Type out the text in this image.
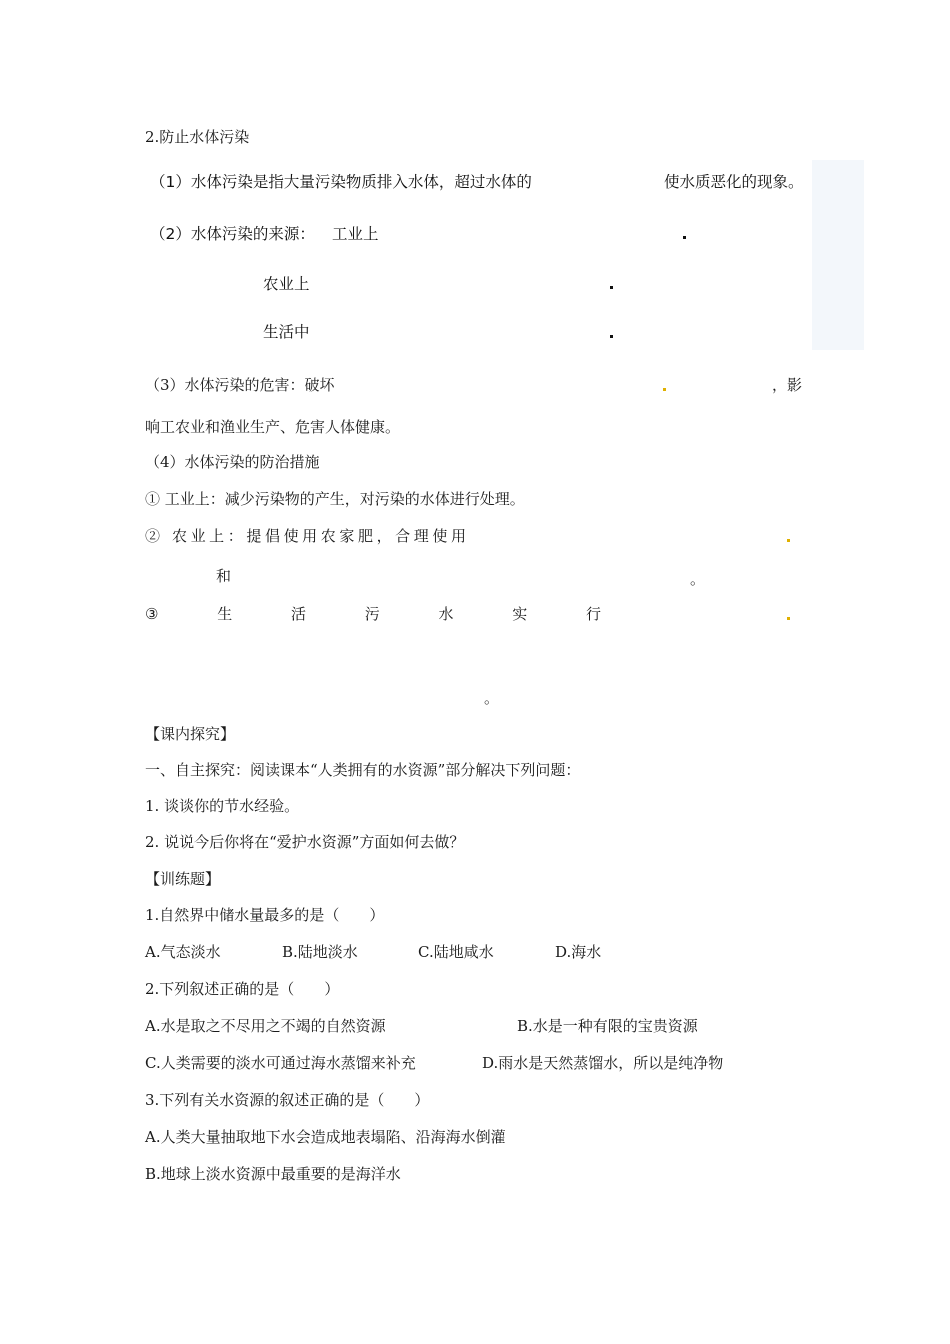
2.防止水体污染
（1）水体污染是指大量污染物质排入水体，超过水体的	使水质恶化的现象。
（2）水体污染的来源： 工业上
农业上
生活中
（3）水体污染的危害：破坏	，影
响工农业和渔业生产、危害人体健康。
（4）水体污染的防治措施
① 工业上：减少污染物的产生，对污染的水体进行处理。
② 农业上：提倡使用农家肥，合理使用
和	。
③	生	活	污	水	实	行
。
【课内探究】
一、自主探究：阅读课本“人类拥有的水资源”部分解决下列问题：
1. 谈谈你的节水经验。
2. 说说今后你将在“爱护水资源”方面如何去做？
【训练题】
1.自然界中储水量最多的是（　　）
A.气态淡水	B.陆地淡水	C.陆地咸水	D.海水
2.下列叙述正确的是（　　）
A.水是取之不尽用之不竭的自然资源	B.水是一种有限的宝贵资源
C.人类需要的淡水可通过海水蒸馏来补充	D.雨水是天然蒸馏水，所以是纯净物
3.下列有关水资源的叙述正确的是（　　）
A.人类大量抽取地下水会造成地表塌陷、沿海海水倒灌
B.地球上淡水资源中最重要的是海洋水
